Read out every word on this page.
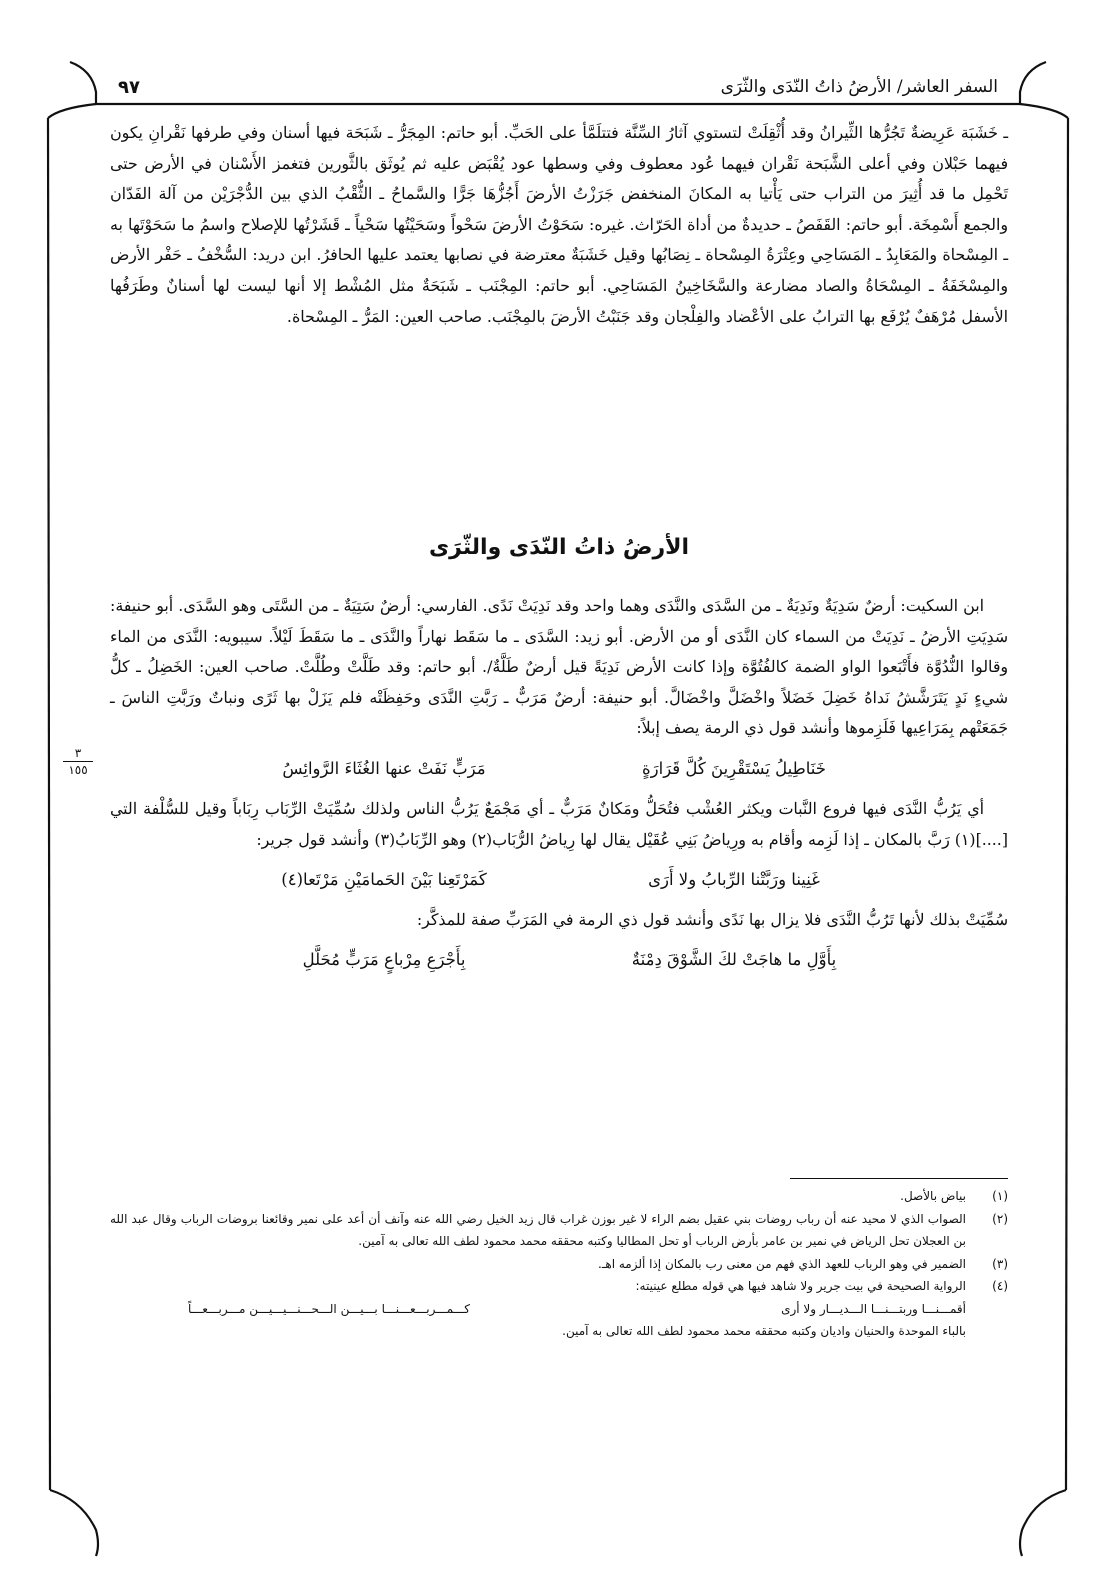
السفر العاشر/ الأرضُ ذاتُ النّدَى والثّرَى
٩٧

ـ خَشَبَة عَرِيضةٌ تَجُرُّها الثِّيرانُ وقد أُثْقِلَتْ لتستوي آثارُ السِّنَّة فتتلَمَّأ على الحَبِّ. أبو حاتم: المِجَرُّ ـ شَبَحَة فيها أسنان وفي طرفها نَقْرانِ يكون فيهما حَبْلان وفي أعلى الشَّبَحة نَقْران فيهما عُود معطوف وفي وسطها عود يُقْبَض عليه ثم يُوثَق بالثَّورين فتغمز الأَسْنان في الأرض حتى تَحْمِل ما قد أُثِيرَ من التراب حتى يَأْتيا به المكانَ المنخفض جَرَزْتُ الأرضَ أَجُزُّهَا جَرًّا والسَّماحُ ـ الثُّقْبُ الذي بين الدُّجْرَيْن من آلة الفَدّان والجمع أَسْمِخَة. أبو حاتم: القَفَصُ ـ حديدةٌ من أداة الحَرّاث. غيره: سَحَوْتُ الأرضَ سَحْواً وسَحَيْتُها سَحْياً ـ قَشَرْتُها للإصلاح واسمُ ما سَحَوْتَها به ـ المِسْحاة والمَعَابِدُ ـ المَسَاحِي وعِتْرَةُ المِسْحاة ـ نِصَابُها وقيل خَشَبَةٌ معترضة في نصابها يعتمد عليها الحافرُ. ابن دريد: السُّخْفُ ـ حَفْر الأرض والمِسْخَفَةُ ـ المِسْحَاةُ والصاد مضارعة والسَّخَاخِينُ المَسَاحِي. أبو حاتم: المِجْنَب ـ شَبَحَةٌ مثل المُشْط إلا أنها ليست لها أسنانٌ وطَرَفُها الأسفل مُرْهَفٌ يُرْفَع بها الترابُ على الأعْضاد والفِلْجان وقد جَنَبْتُ الأرضَ بالمِجْنَب. صاحب العين: المَرُّ ـ المِسْحاة.

الأرضُ ذاتُ النّدَى والثّرَى

ابن السكيت: أرضٌ سَدِيَةٌ ونَدِيَةٌ ـ من السَّدَى والنَّدَى وهما واحد وقد نَدِيَتْ نَدًى. الفارسي: أرضٌ سَتِيَةٌ ـ من السَّتَى وهو السَّدَى. أبو حنيفة: سَدِيَتِ الأرضُ ـ نَدِيَتْ من السماء كان النَّدَى أو من الأرض. أبو زيد: السَّدَى ـ ما سَقَط نهاراً والنَّدَى ـ ما سَقَطَ لَيْلاً. سيبويه: النَّدَى من الماء وقالوا النُّدُوَّة فأَتْبَعوا الواو الضمة كالفُتُوَّة وإذا كانت الأرض نَدِيَةً قيل أرضٌ طَلَّةٌ/. أبو حاتم: وقد طَلَّتْ وطُلَّتْ. صاحب العين: الخَضِلُ ـ كلُّ شيءٍ نَدٍ يَتَرَشَّشُ نَداهُ خَضِلَ خَضَلاً واخْضَلَّ واخْضَالَّ. أبو حنيفة: أرضٌ مَرَبٌّ ـ رَبَّتِ النَّدَى وحَفِظَتْه فلم يَزَلْ بها ثَرًى ونباتٌ ورَبَّتِ الناسَ ـ جَمَعَتْهم بِمَرَاعِيها فَلَزِموها وأنشد قول ذي الرمة يصف إبلاً:

خَنَاطِيلُ يَسْتَقْرِينَ كُلَّ قَرَارَةٍ
مَرَبٍّ نَفَتْ عنها الغُثَاءَ الرَّوائِسُ

أي يَرُبُّ النَّدَى فيها فروع النَّبات ويكثر العُشْب فتُحَلُّ ومَكانٌ مَرَبٌّ ـ أي مَجْمَعٌ يَرُبُّ الناس ولذلك سُمِّيَتْ الرِّبَاب رِبَاباً وقيل للسُّلْفة التي [....](١) رَبَّ بالمكان ـ إذا لَزِمه وأقام به ورِياضُ بَنِي عُقَيْل يقال لها رِياضُ الرُّبَاب(٢) وهو الرِّبَابُ(٣) وأنشد قول جرير:

غَنِينا ورَبَّتْنا الرِّبابُ ولا أَرَى
كَمَرْتَعِنا بَيْنَ الحَمامَيْنِ مَرْتَعا(٤)

سُمِّيَتْ بذلك لأنها تَرُبُّ النَّدَى فلا يزال بها نَدًى وأنشد قول ذي الرمة في المَرَبِّ صفة للمذكَّر:

بِأَوَّلِ ما هاجَتْ لكَ الشَّوْقَ دِمْنَةٌ
بِأَجْرَعِ مِرْباعٍ مَرَبٍّ مُحَلَّلِ
٣
١٥٥
(١)
بياض بالأصل.
(٢)
الصواب الذي لا محيد عنه أن رباب روضات بني عقيل بضم الراء لا غير بوزن غراب قال زيد الخيل رضي الله عنه وآنف أن أعد على نمير وقائعنا بروضات الرباب وقال عبد الله بن العجلان تحل الرياض في نمير بن عامر بأرض الرباب أو تحل المطاليا وكتبه محققه محمد محمود لطف الله تعالى به آمين.
(٣)
الضمير في وهو الرباب للعهد الذي فهم من معنى رب بالمكان إذا ألزمه اهـ.
(٤)
الرواية الصحيحة في بيت جرير ولا شاهد فيها هي قوله مطلع عينيته:
أقمـــنـــا وربتـــنـــا الـــديـــار ولا أرى
كـــمـــربـــعـــنـــا بـــيـــن الـــحـــنـــيـــيـــن مـــربـــعـــاً
بالباء الموحدة والحنيان واديان وكتبه محققه محمد محمود لطف الله تعالى به آمين.
